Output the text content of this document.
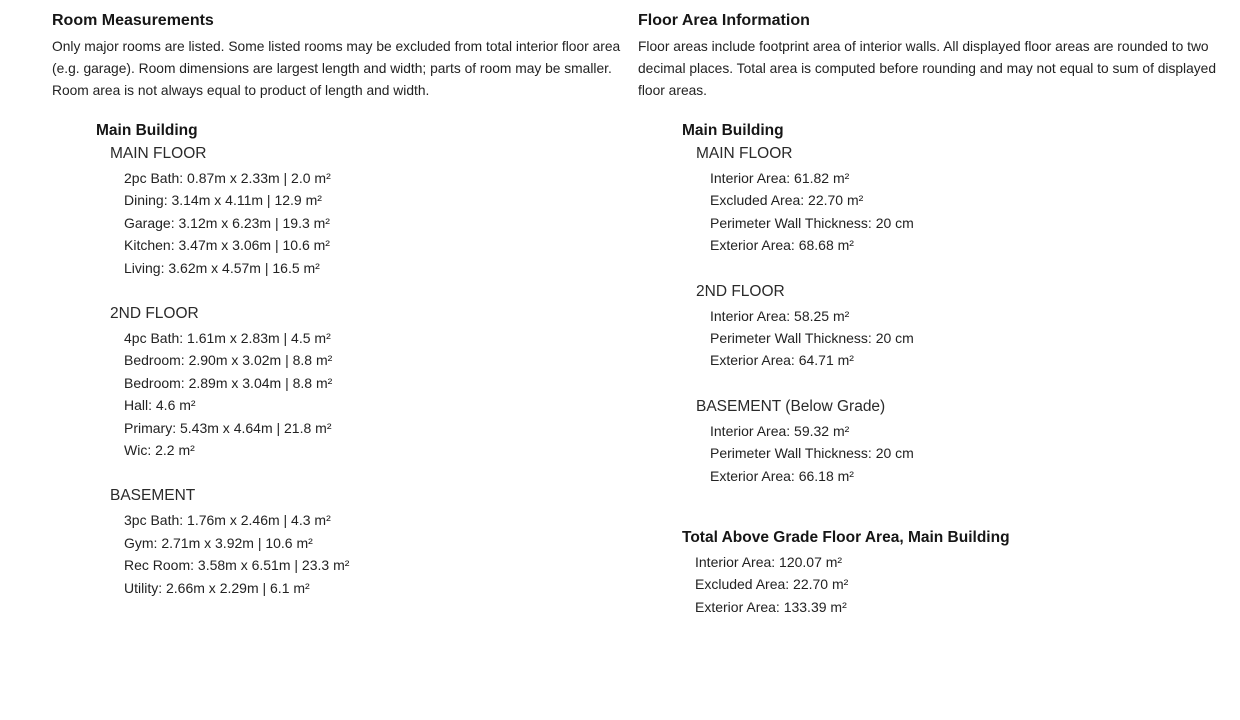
Room Measurements
Only major rooms are listed. Some listed rooms may be excluded from total interior floor area
(e.g. garage). Room dimensions are largest length and width; parts of room may be smaller.
Room area is not always equal to product of length and width.
Main Building
MAIN FLOOR
2pc Bath: 0.87m x 2.33m | 2.0 m²
Dining: 3.14m x 4.11m | 12.9 m²
Garage: 3.12m x 6.23m | 19.3 m²
Kitchen: 3.47m x 3.06m | 10.6 m²
Living: 3.62m x 4.57m | 16.5 m²
2ND FLOOR
4pc Bath: 1.61m x 2.83m | 4.5 m²
Bedroom: 2.90m x 3.02m | 8.8 m²
Bedroom: 2.89m x 3.04m | 8.8 m²
Hall: 4.6 m²
Primary: 5.43m x 4.64m | 21.8 m²
Wic: 2.2 m²
BASEMENT
3pc Bath: 1.76m x 2.46m | 4.3 m²
Gym: 2.71m x 3.92m | 10.6 m²
Rec Room: 3.58m x 6.51m | 23.3 m²
Utility: 2.66m x 2.29m | 6.1 m²
Floor Area Information
Floor areas include footprint area of interior walls. All displayed floor areas are rounded to two
decimal places. Total area is computed before rounding and may not equal to sum of displayed
floor areas.
Main Building
MAIN FLOOR
Interior Area: 61.82 m²
Excluded Area: 22.70 m²
Perimeter Wall Thickness: 20 cm
Exterior Area: 68.68 m²
2ND FLOOR
Interior Area: 58.25 m²
Perimeter Wall Thickness: 20 cm
Exterior Area: 64.71 m²
BASEMENT (Below Grade)
Interior Area: 59.32 m²
Perimeter Wall Thickness: 20 cm
Exterior Area: 66.18 m²
Total Above Grade Floor Area, Main Building
Interior Area: 120.07 m²
Excluded Area: 22.70 m²
Exterior Area: 133.39 m²
